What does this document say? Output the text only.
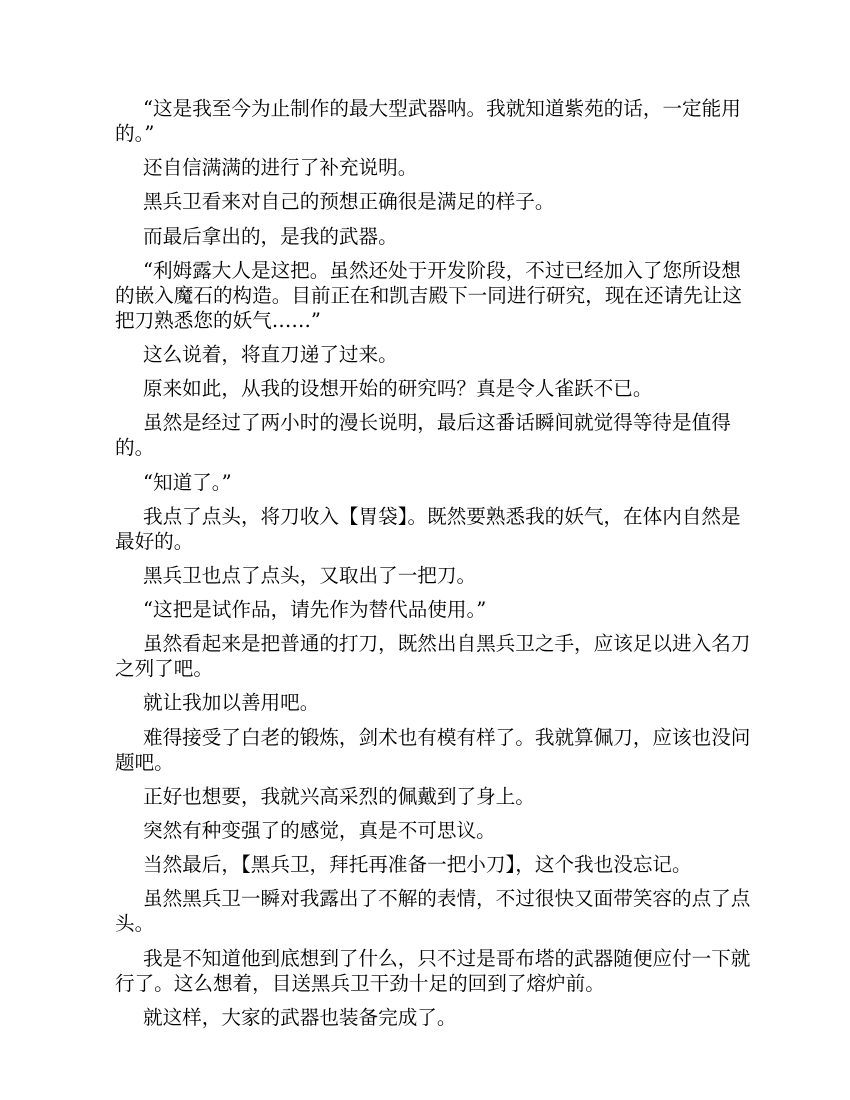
“这是我至今为止制作的最大型武器呐。我就知道紫苑的话，一定能用的。”

还自信满满的进行了补充说明。

黑兵卫看来对自己的预想正确很是满足的样子。

而最后拿出的，是我的武器。

“利姆露大人是这把。虽然还处于开发阶段，不过已经加入了您所设想的嵌入魔石的构造。目前正在和凯吉殿下一同进行研究，现在还请先让这把刀熟悉您的妖气……”

这么说着，将直刀递了过来。

原来如此，从我的设想开始的研究吗？真是令人雀跃不已。

虽然是经过了两小时的漫长说明，最后这番话瞬间就觉得等待是值得的。

“知道了。”

我点了点头，将刀收入【胃袋】。既然要熟悉我的妖气，在体内自然是最好的。

黑兵卫也点了点头，又取出了一把刀。

“这把是试作品，请先作为替代品使用。”

虽然看起来是把普通的打刀，既然出自黑兵卫之手，应该足以进入名刀之列了吧。

就让我加以善用吧。

难得接受了白老的锻炼，剑术也有模有样了。我就算佩刀，应该也没问题吧。

正好也想要，我就兴高采烈的佩戴到了身上。

突然有种变强了的感觉，真是不可思议。

当然最后，【黑兵卫，拜托再准备一把小刀】，这个我也没忘记。

虽然黑兵卫一瞬对我露出了不解的表情，不过很快又面带笑容的点了点头。

我是不知道他到底想到了什么，只不过是哥布塔的武器随便应付一下就行了。这么想着，目送黑兵卫干劲十足的回到了熔炉前。

就这样，大家的武器也装备完成了。
